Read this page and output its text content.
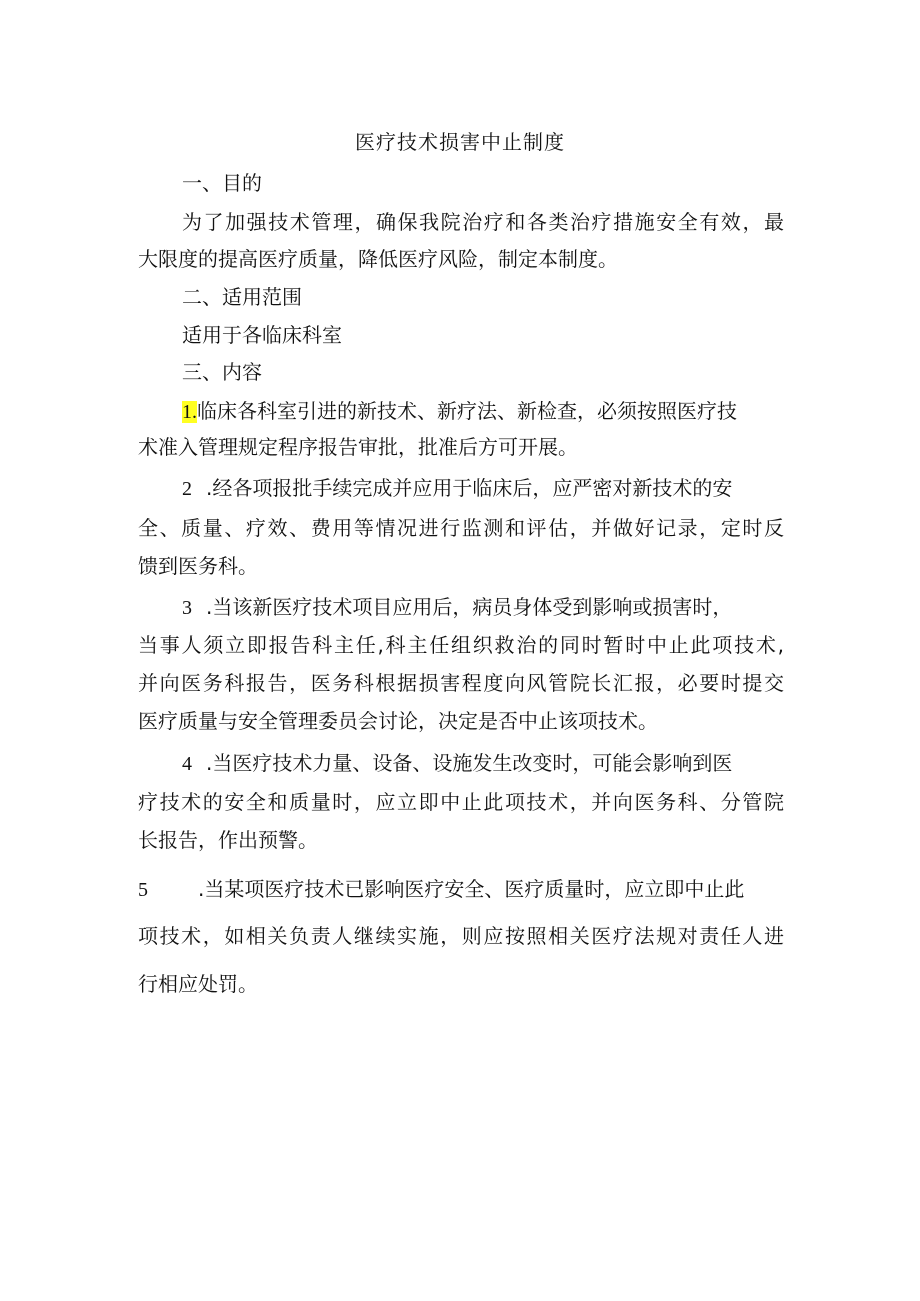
医疗技术损害中止制度
一、目的
为了加强技术管理，确保我院治疗和各类治疗措施安全有效，最
大限度的提高医疗质量，降低医疗风险，制定本制度。
二、适用范围
适用于各临床科室
三、内容
1.临床各科室引进的新技术、新疗法、新检查，必须按照医疗技
术准入管理规定程序报告审批，批准后方可开展。
2 .经各项报批手续完成并应用于临床后，应严密对新技术的安
全、质量、疗效、费用等情况进行监测和评估，并做好记录，定时反
馈到医务科。
3 .当该新医疗技术项目应用后，病员身体受到影响或损害时，
当事人须立即报告科主任,科主任组织救治的同时暂时中止此项技术,
并向医务科报告，医务科根据损害程度向风管院长汇报，必要时提交
医疗质量与安全管理委员会讨论，决定是否中止该项技术。
4 .当医疗技术力量、设备、设施发生改变时，可能会影响到医
疗技术的安全和质量时，应立即中止此项技术，并向医务科、分管院
长报告，作出预警。
5	.当某项医疗技术已影响医疗安全、医疗质量时，应立即中止此
项技术，如相关负责人继续实施，则应按照相关医疗法规对责任人进
行相应处罚。
